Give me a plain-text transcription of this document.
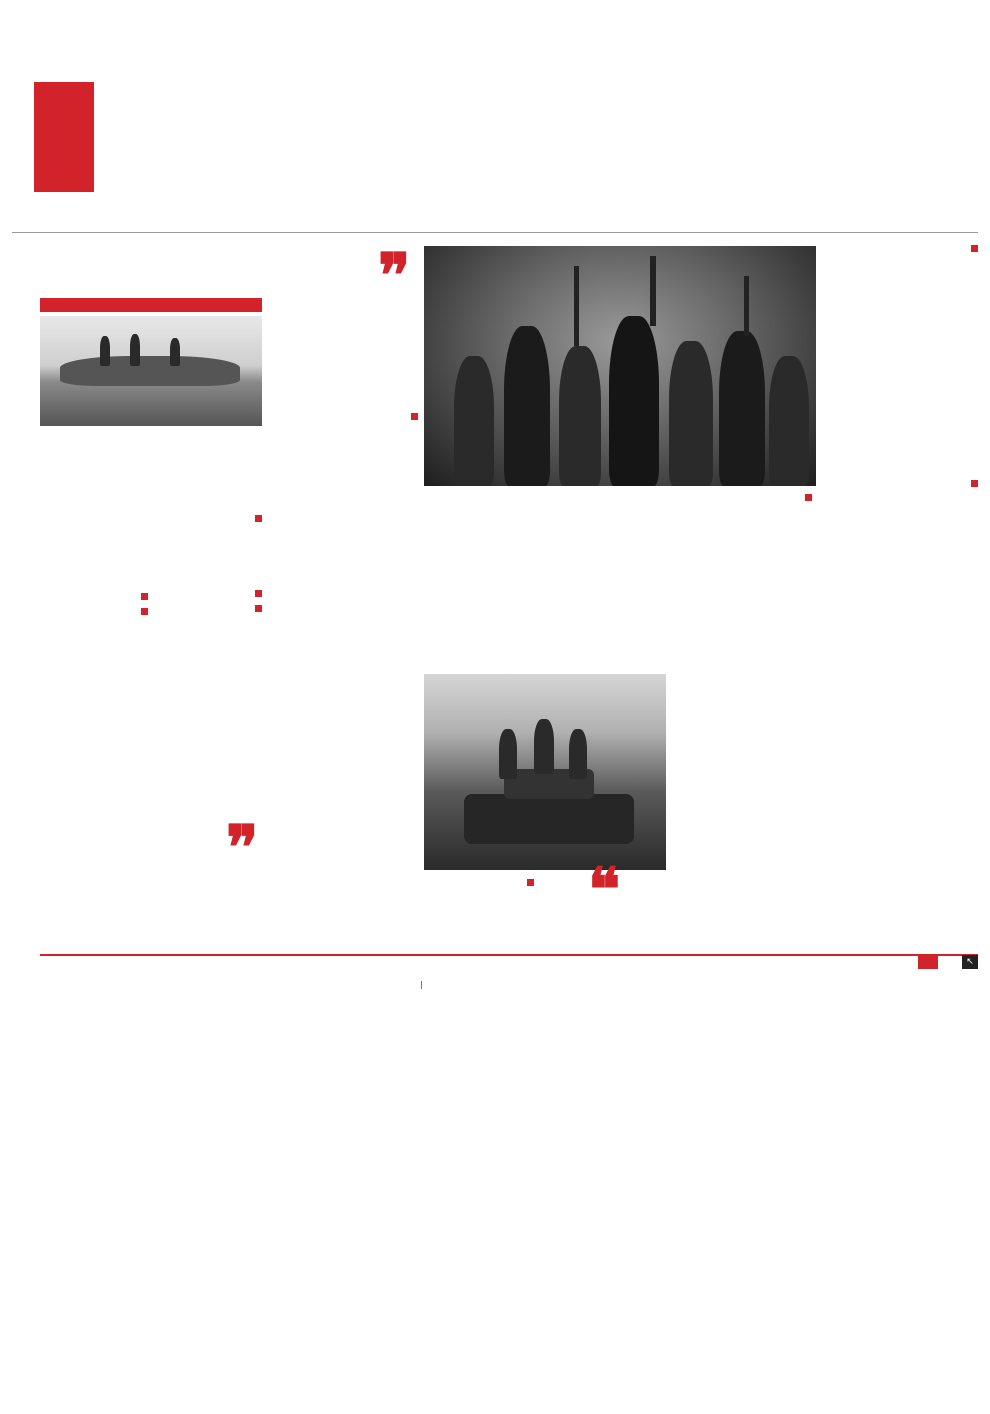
❝
❞

❞

↖
|
